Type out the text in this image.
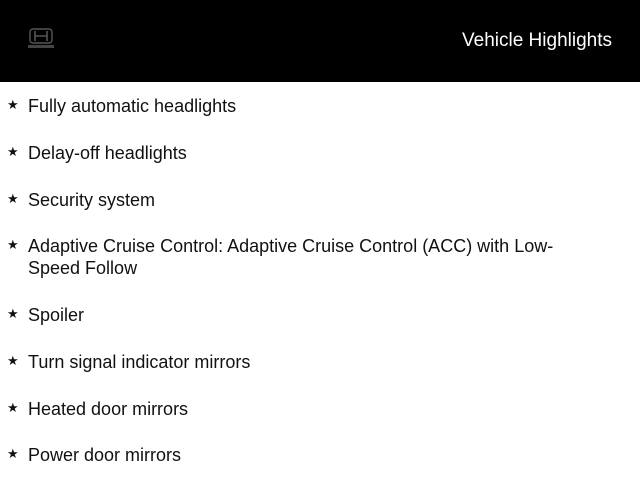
Vehicle Highlights
★ Fully automatic headlights
★ Delay-off headlights
★ Security system
★ Adaptive Cruise Control: Adaptive Cruise Control (ACC) with Low-Speed Follow
★ Spoiler
★ Turn signal indicator mirrors
★ Heated door mirrors
★ Power door mirrors
